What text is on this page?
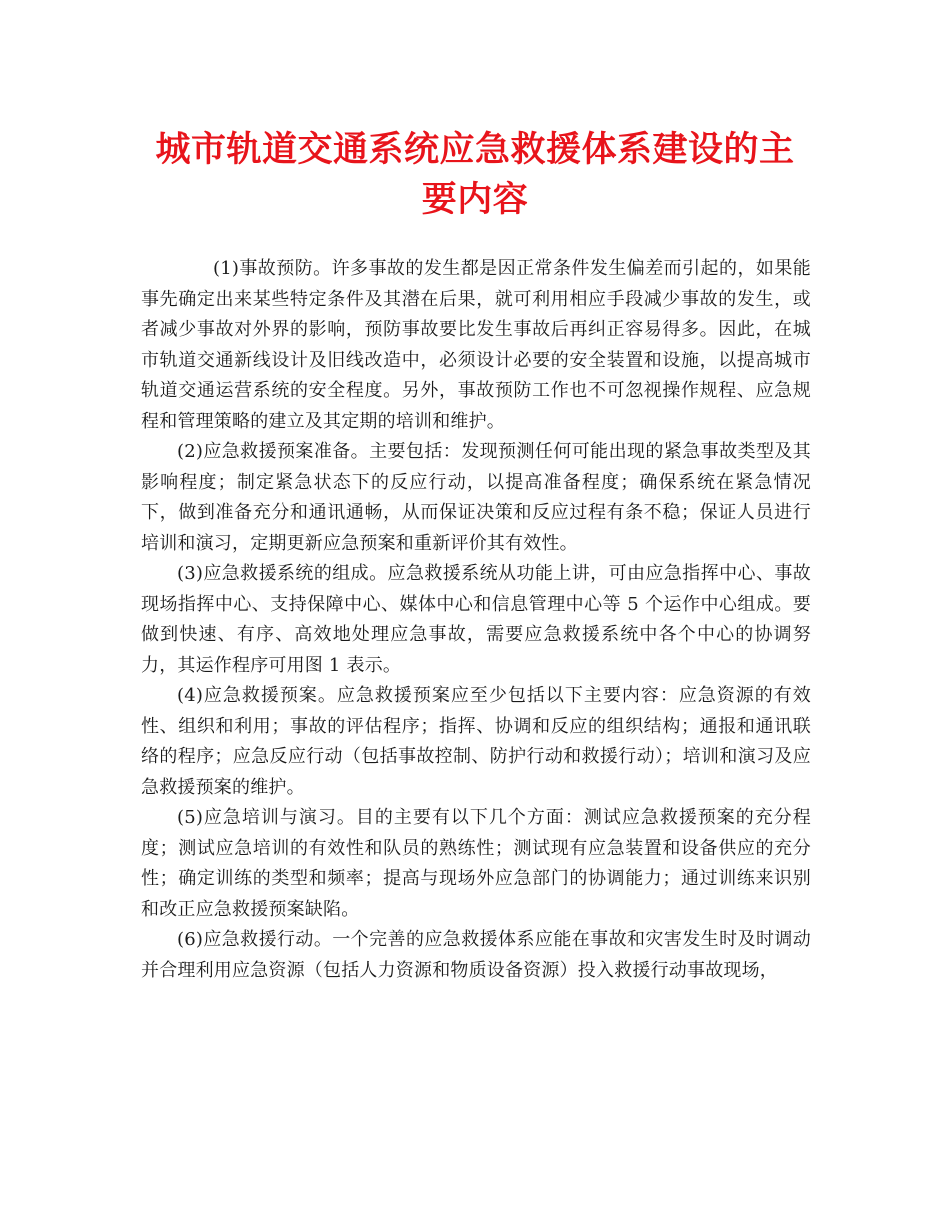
城市轨道交通系统应急救援体系建设的主要内容

(1)事故预防。许多事故的发生都是因正常条件发生偏差而引起的，如果能事先确定出来某些特定条件及其潜在后果，就可利用相应手段减少事故的发生，或者减少事故对外界的影响，预防事故要比发生事故后再纠正容易得多。因此，在城市轨道交通新线设计及旧线改造中，必须设计必要的安全装置和设施，以提高城市轨道交通运营系统的安全程度。另外，事故预防工作也不可忽视操作规程、应急规程和管理策略的建立及其定期的培训和维护。

(2)应急救援预案准备。主要包括：发现预测任何可能出现的紧急事故类型及其影响程度；制定紧急状态下的反应行动，以提高准备程度；确保系统在紧急情况下，做到准备充分和通讯通畅，从而保证决策和反应过程有条不稳；保证人员进行培训和演习，定期更新应急预案和重新评价其有效性。

(3)应急救援系统的组成。应急救援系统从功能上讲，可由应急指挥中心、事故现场指挥中心、支持保障中心、媒体中心和信息管理中心等 5 个运作中心组成。要做到快速、有序、高效地处理应急事故，需要应急救援系统中各个中心的协调努力，其运作程序可用图 1 表示。

(4)应急救援预案。应急救援预案应至少包括以下主要内容：应急资源的有效性、组织和利用；事故的评估程序；指挥、协调和反应的组织结构；通报和通讯联络的程序；应急反应行动（包括事故控制、防护行动和救援行动）；培训和演习及应急救援预案的维护。

(5)应急培训与演习。目的主要有以下几个方面：测试应急救援预案的充分程度；测试应急培训的有效性和队员的熟练性；测试现有应急装置和设备供应的充分性；确定训练的类型和频率；提高与现场外应急部门的协调能力；通过训练来识别和改正应急救援预案缺陷。

(6)应急救援行动。一个完善的应急救援体系应能在事故和灾害发生时及时调动并合理利用应急资源（包括人力资源和物质设备资源）投入救援行动事故现场，
